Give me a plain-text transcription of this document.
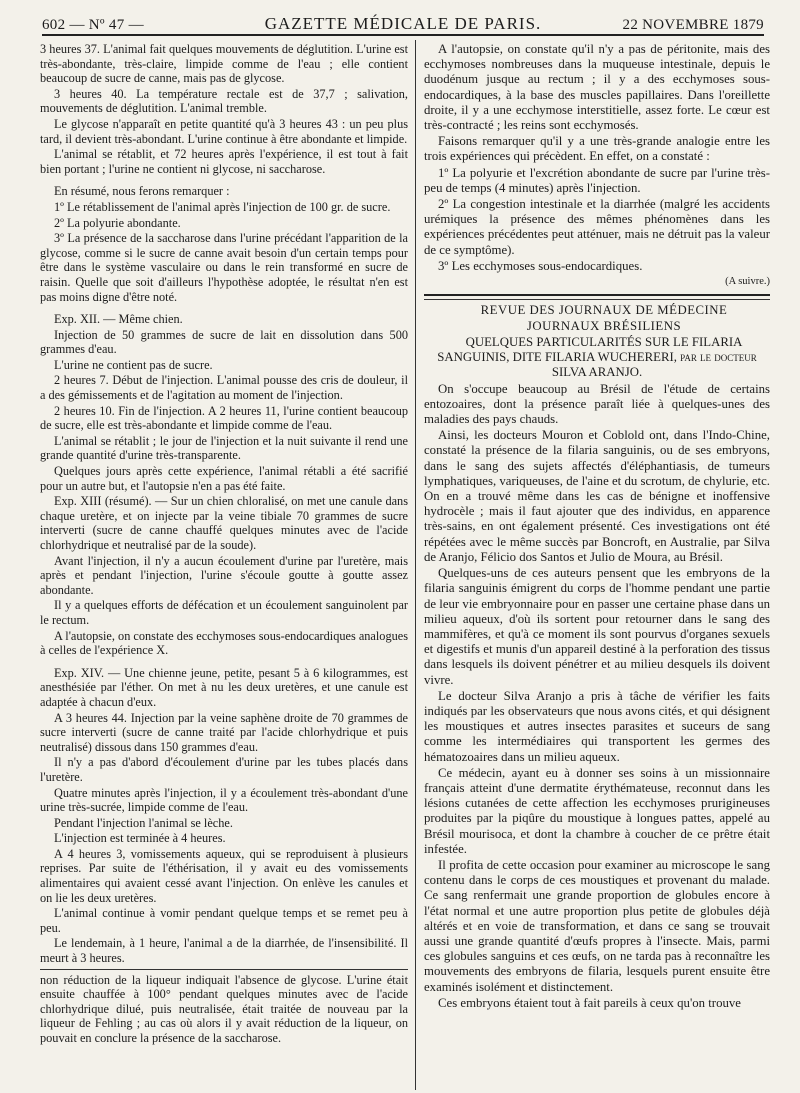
602 — Nº 47 —	GAZETTE MÉDICALE DE PARIS.	22 NOVEMBRE 1879

3 heures 37. L'animal fait quelques mouvements de déglutition. L'urine est très-abondante, très-claire, limpide comme de l'eau ; elle contient beaucoup de sucre de canne, mais pas de glycose.

3 heures 40. La température rectale est de 37,7 ; salivation, mouvements de déglutition. L'animal tremble.

Le glycose n'apparaît en petite quantité qu'à 3 heures 43 : un peu plus tard, il devient très-abondant. L'urine continue à être abondante et limpide.

L'animal se rétablit, et 72 heures après l'expérience, il est tout à fait bien portant ; l'urine ne contient ni glycose, ni saccharose.

En résumé, nous ferons remarquer :

1º Le rétablissement de l'animal après l'injection de 100 gr. de sucre.

2º La polyurie abondante.

3º La présence de la saccharose dans l'urine précédant l'apparition de la glycose, comme si le sucre de canne avait besoin d'un certain temps pour être dans le système vasculaire ou dans le rein transformé en sucre de raisin. Quelle que soit d'ailleurs l'hypothèse adoptée, le résultat n'en est pas moins digne d'être noté.

Exp. XII. — Même chien.

Injection de 50 grammes de sucre de lait en dissolution dans 500 grammes d'eau.

L'urine ne contient pas de sucre.

2 heures 7. Début de l'injection. L'animal pousse des cris de douleur, il a des gémissements et de l'agitation au moment de l'injection.

2 heures 10. Fin de l'injection. A 2 heures 11, l'urine contient beaucoup de sucre, elle est très-abondante et limpide comme de l'eau.

L'animal se rétablit ; le jour de l'injection et la nuit suivante il rend une grande quantité d'urine très-transparente.

Quelques jours après cette expérience, l'animal rétabli a été sacrifié pour un autre but, et l'autopsie n'en a pas été faite.

Exp. XIII (résumé). — Sur un chien chloralisé, on met une canule dans chaque uretère, et on injecte par la veine tibiale 70 grammes de sucre interverti (sucre de canne chauffé quelques minutes avec de l'acide chlorhydrique et neutralisé par de la soude).

Avant l'injection, il n'y a aucun écoulement d'urine par l'uretère, mais après et pendant l'injection, l'urine s'écoule goutte à goutte assez abondante.

Il y a quelques efforts de défécation et un écoulement sanguinolent par le rectum.

A l'autopsie, on constate des ecchymoses sous-endocardiques analogues à celles de l'expérience X.

Exp. XIV. — Une chienne jeune, petite, pesant 5 à 6 kilogrammes, est anesthésiée par l'éther. On met à nu les deux uretères, et une canule est adaptée à chacun d'eux.

A 3 heures 44. Injection par la veine saphène droite de 70 grammes de sucre interverti (sucre de canne traité par l'acide chlorhydrique et puis neutralisé) dissous dans 150 grammes d'eau.

Il n'y a pas d'abord d'écoulement d'urine par les tubes placés dans l'uretère.

Quatre minutes après l'injection, il y a écoulement très-abondant d'une urine très-sucrée, limpide comme de l'eau.

Pendant l'injection l'animal se lèche.

L'injection est terminée à 4 heures.

A 4 heures 3, vomissements aqueux, qui se reproduisent à plusieurs reprises. Par suite de l'éthérisation, il y avait eu des vomissements alimentaires qui avaient cessé avant l'injection. On enlève les canules et on lie les deux uretères.

L'animal continue à vomir pendant quelque temps et se remet peu à peu.

Le lendemain, à 1 heure, l'animal a de la diarrhée, de l'insensibilité. Il meurt à 3 heures.

non réduction de la liqueur indiquait l'absence de glycose. L'urine était ensuite chauffée à 100° pendant quelques minutes avec de l'acide chlorhydrique dilué, puis neutralisée, était traitée de nouveau par la liqueur de Fehling ; au cas où alors il y avait réduction de la liqueur, on pouvait en conclure la présence de la saccharose.

A l'autopsie, on constate qu'il n'y a pas de péritonite, mais des ecchymoses nombreuses dans la muqueuse intestinale, depuis le duodénum jusque au rectum ; il y a des ecchymoses sous-endocardiques, à la base des muscles papillaires. Dans l'oreillette droite, il y a une ecchymose interstitielle, assez forte. Le cœur est très-contracté ; les reins sont ecchymosés.

Faisons remarquer qu'il y a une très-grande analogie entre les trois expériences qui précèdent. En effet, on a constaté :

1º La polyurie et l'excrétion abondante de sucre par l'urine très-peu de temps (4 minutes) après l'injection.

2º La congestion intestinale et la diarrhée (malgré les accidents urémiques la présence des mêmes phénomènes dans les expériences précédentes peut atténuer, mais ne détruit pas la valeur de ce symptôme).

3º Les ecchymoses sous-endocardiques.

(A suivre.)

REVUE DES JOURNAUX DE MÉDECINE

JOURNAUX BRÉSILIENS

QUELQUES PARTICULARITÉS SUR LE FILARIA SANGUINIS, DITE FILARIA WUCHERERI, par le docteur SILVA ARANJO.

On s'occupe beaucoup au Brésil de l'étude de certains entozoaires, dont la présence paraît liée à quelques-unes des maladies des pays chauds.

Ainsi, les docteurs Mouron et Coblold ont, dans l'Indo-Chine, constaté la présence de la filaria sanguinis, ou de ses embryons, dans le sang des sujets affectés d'éléphantiasis, de tumeurs lymphatiques, variqueuses, de l'aine et du scrotum, de chylurie, etc. On en a trouvé même dans les cas de bénigne et inoffensive hydrocèle ; mais il faut ajouter que des individus, en apparence très-sains, en ont également présenté. Ces investigations ont été répétées avec le même succès par Boncroft, en Australie, par Silva de Aranjo, Félicio dos Santos et Julio de Moura, au Brésil.

Quelques-uns de ces auteurs pensent que les embryons de la filaria sanguinis émigrent du corps de l'homme pendant une partie de leur vie embryonnaire pour en passer une certaine phase dans un milieu aqueux, d'où ils sortent pour retourner dans le sang des mammifères, et qu'à ce moment ils sont pourvus d'organes sexuels et digestifs et munis d'un appareil destiné à la perforation des tissus dans lesquels ils doivent pénétrer et au milieu desquels ils doivent vivre.

Le docteur Silva Aranjo a pris à tâche de vérifier les faits indiqués par les observateurs que nous avons cités, et qui désignent les moustiques et autres insectes parasites et suceurs de sang comme les intermédiaires qui transportent les germes des hématozoaires dans un milieu aqueux.

Ce médecin, ayant eu à donner ses soins à un missionnaire français atteint d'une dermatite érythémateuse, reconnut dans les lésions cutanées de cette affection les ecchymoses prurigineuses produites par la piqûre du moustique à longues pattes, appelé au Brésil mourisoca, et dont la chambre à coucher de ce prêtre était infestée.

Il profita de cette occasion pour examiner au microscope le sang contenu dans le corps de ces moustiques et provenant du malade. Ce sang renfermait une grande proportion de globules encore à l'état normal et une autre proportion plus petite de globules déjà altérés et en voie de transformation, et dans ce sang se trouvait aussi une grande quantité d'œufs propres à l'insecte. Mais, parmi ces globules sanguins et ces œufs, on ne tarda pas à reconnaître les mouvements des embryons de filaria, lesquels purent ensuite être examinés isolément et distinctement.

Ces embryons étaient tout à fait pareils à ceux qu'on trouve
